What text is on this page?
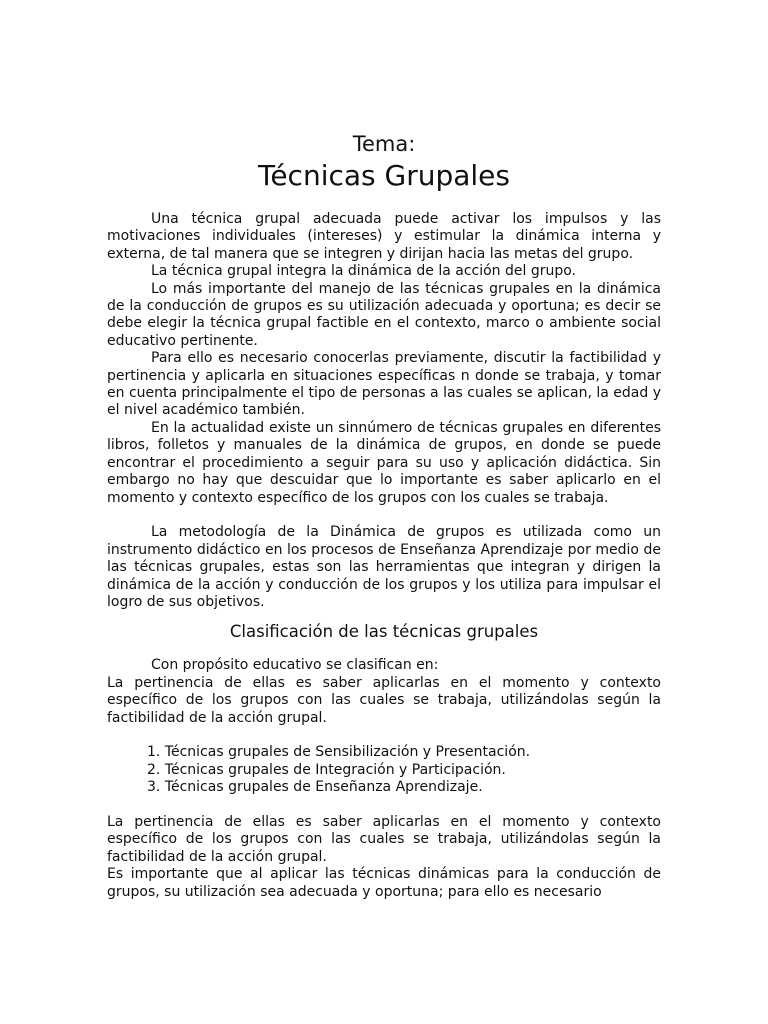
Tema:
Técnicas Grupales

Una técnica grupal adecuada puede activar los impulsos y las motivaciones individuales (intereses) y estimular la dinámica interna y externa, de tal manera que se integren y dirijan hacia las metas del grupo.

La técnica grupal integra la dinámica de la acción del grupo.

Lo más importante del manejo de las técnicas grupales en la dinámica de la conducción de grupos es su utilización adecuada y oportuna; es decir se debe elegir la técnica grupal factible en el contexto, marco o ambiente social educativo pertinente.

Para ello es necesario conocerlas previamente, discutir la factibilidad y pertinencia y aplicarla en situaciones específicas n donde se trabaja, y tomar en cuenta principalmente el tipo de personas a las cuales se aplican, la edad y el nivel académico también.

En la actualidad existe un sinnúmero de técnicas grupales en diferentes libros, folletos y manuales de la dinámica de grupos, en donde se puede encontrar el procedimiento a seguir para su uso y aplicación didáctica. Sin embargo no hay que descuidar que lo importante es saber aplicarlo en el momento y contexto específico de los grupos con los cuales se trabaja.

La metodología de la Dinámica de grupos es utilizada como un instrumento didáctico en los procesos de Enseñanza Aprendizaje por medio de las técnicas grupales, estas son las herramientas que integran y dirigen la dinámica de la acción y conducción de los grupos y los utiliza para impulsar el logro de sus objetivos.

Clasificación de las técnicas grupales

Con propósito educativo se clasifican en:

La pertinencia de ellas es saber aplicarlas en el momento y contexto específico de los grupos con las cuales se trabaja, utilizándolas según la factibilidad de la acción grupal.

1. Técnicas grupales de Sensibilización y Presentación.
2. Técnicas grupales de Integración y Participación.
3. Técnicas grupales de Enseñanza Aprendizaje.

La pertinencia de ellas es saber aplicarlas en el momento y contexto específico de los grupos con las cuales se trabaja, utilizándolas según la factibilidad de la acción grupal.

Es importante que al aplicar las técnicas dinámicas para la conducción de grupos, su utilización sea adecuada y oportuna; para ello es necesario
